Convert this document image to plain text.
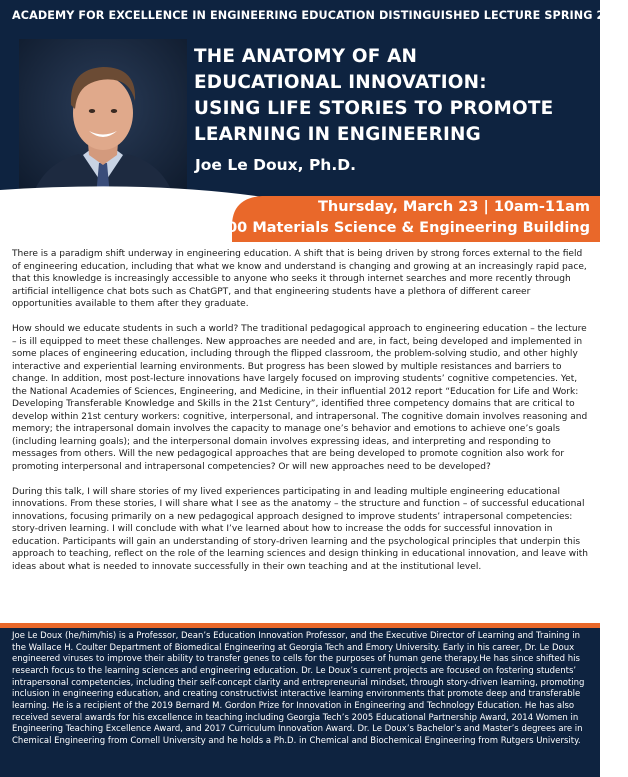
ACADEMY FOR EXCELLENCE IN ENGINEERING EDUCATION DISTINGUISHED LECTURE SPRING 2023
THE ANATOMY OF AN
EDUCATIONAL INNOVATION:
USING LIFE STORIES TO PROMOTE
LEARNING IN ENGINEERING
Joe Le Doux, Ph.D.
Thursday, March 23 | 10am-11am
100 Materials Science & Engineering Building

There is a paradigm shift underway in engineering education. A shift that is being driven by strong forces external to the field of engineering education, including that what we know and understand is changing and growing at an increasingly rapid pace, that this knowledge is increasingly accessible to anyone who seeks it through internet searches and more recently through artificial intelligence chat bots such as ChatGPT, and that engineering students have a plethora of different career opportunities available to them after they graduate.

How should we educate students in such a world? The traditional pedagogical approach to engineering education – the lecture – is ill equipped to meet these challenges. New approaches are needed and are, in fact, being developed and implemented in some places of engineering education, including through the flipped classroom, the problem-solving studio, and other highly interactive and experiential learning environments. But progress has been slowed by multiple resistances and barriers to change. In addition, most post-lecture innovations have largely focused on improving students’ cognitive competencies. Yet, the National Academies of Sciences, Engineering, and Medicine, in their influential 2012 report “Education for Life and Work: Developing Transferable Knowledge and Skills in the 21st Century”, identified three competency domains that are critical to develop within 21st century workers: cognitive, interpersonal, and intrapersonal. The cognitive domain involves reasoning and memory; the intrapersonal domain involves the capacity to manage one’s behavior and emotions to achieve one’s goals (including learning goals); and the interpersonal domain involves expressing ideas, and interpreting and responding to messages from others. Will the new pedagogical approaches that are being developed to promote cognition also work for promoting interpersonal and intrapersonal competencies? Or will new approaches need to be developed?

During this talk, I will share stories of my lived experiences participating in and leading multiple engineering educational innovations. From these stories, I will share what I see as the anatomy – the structure and function – of successful educational innovations, focusing primarily on a new pedagogical approach designed to improve students’ intrapersonal competencies: story-driven learning. I will conclude with what I’ve learned about how to increase the odds for successful innovation in education. Participants will gain an understanding of story-driven learning and the psychological principles that underpin this approach to teaching, reflect on the role of the learning sciences and design thinking in educational innovation, and leave with ideas about what is needed to innovate successfully in their own teaching and at the institutional level.

Joe Le Doux (he/him/his) is a Professor, Dean’s Education Innovation Professor, and the Executive Director of Learning and Training in the Wallace H. Coulter Department of Biomedical Engineering at Georgia Tech and Emory University. Early in his career, Dr. Le Doux engineered viruses to improve their ability to transfer genes to cells for the purposes of human gene therapy.He has since shifted his research focus to the learning sciences and engineering education. Dr. Le Doux’s current projects are focused on fostering students’ intrapersonal competencies, including their self-concept clarity and entrepreneurial mindset, through story-driven learning, promoting inclusion in engineering education, and creating constructivist interactive learning environments that promote deep and transferable learning. He is a recipient of the 2019 Bernard M. Gordon Prize for Innovation in Engineering and Technology Education. He has also received several awards for his excellence in teaching including Georgia Tech’s 2005 Educational Partnership Award, 2014 Women in Engineering Teaching Excellence Award, and 2017 Curriculum Innovation Award. Dr. Le Doux’s Bachelor’s and Master’s degrees are in Chemical Engineering from Cornell University and he holds a Ph.D. in Chemical and Biochemical Engineering from Rutgers University.
